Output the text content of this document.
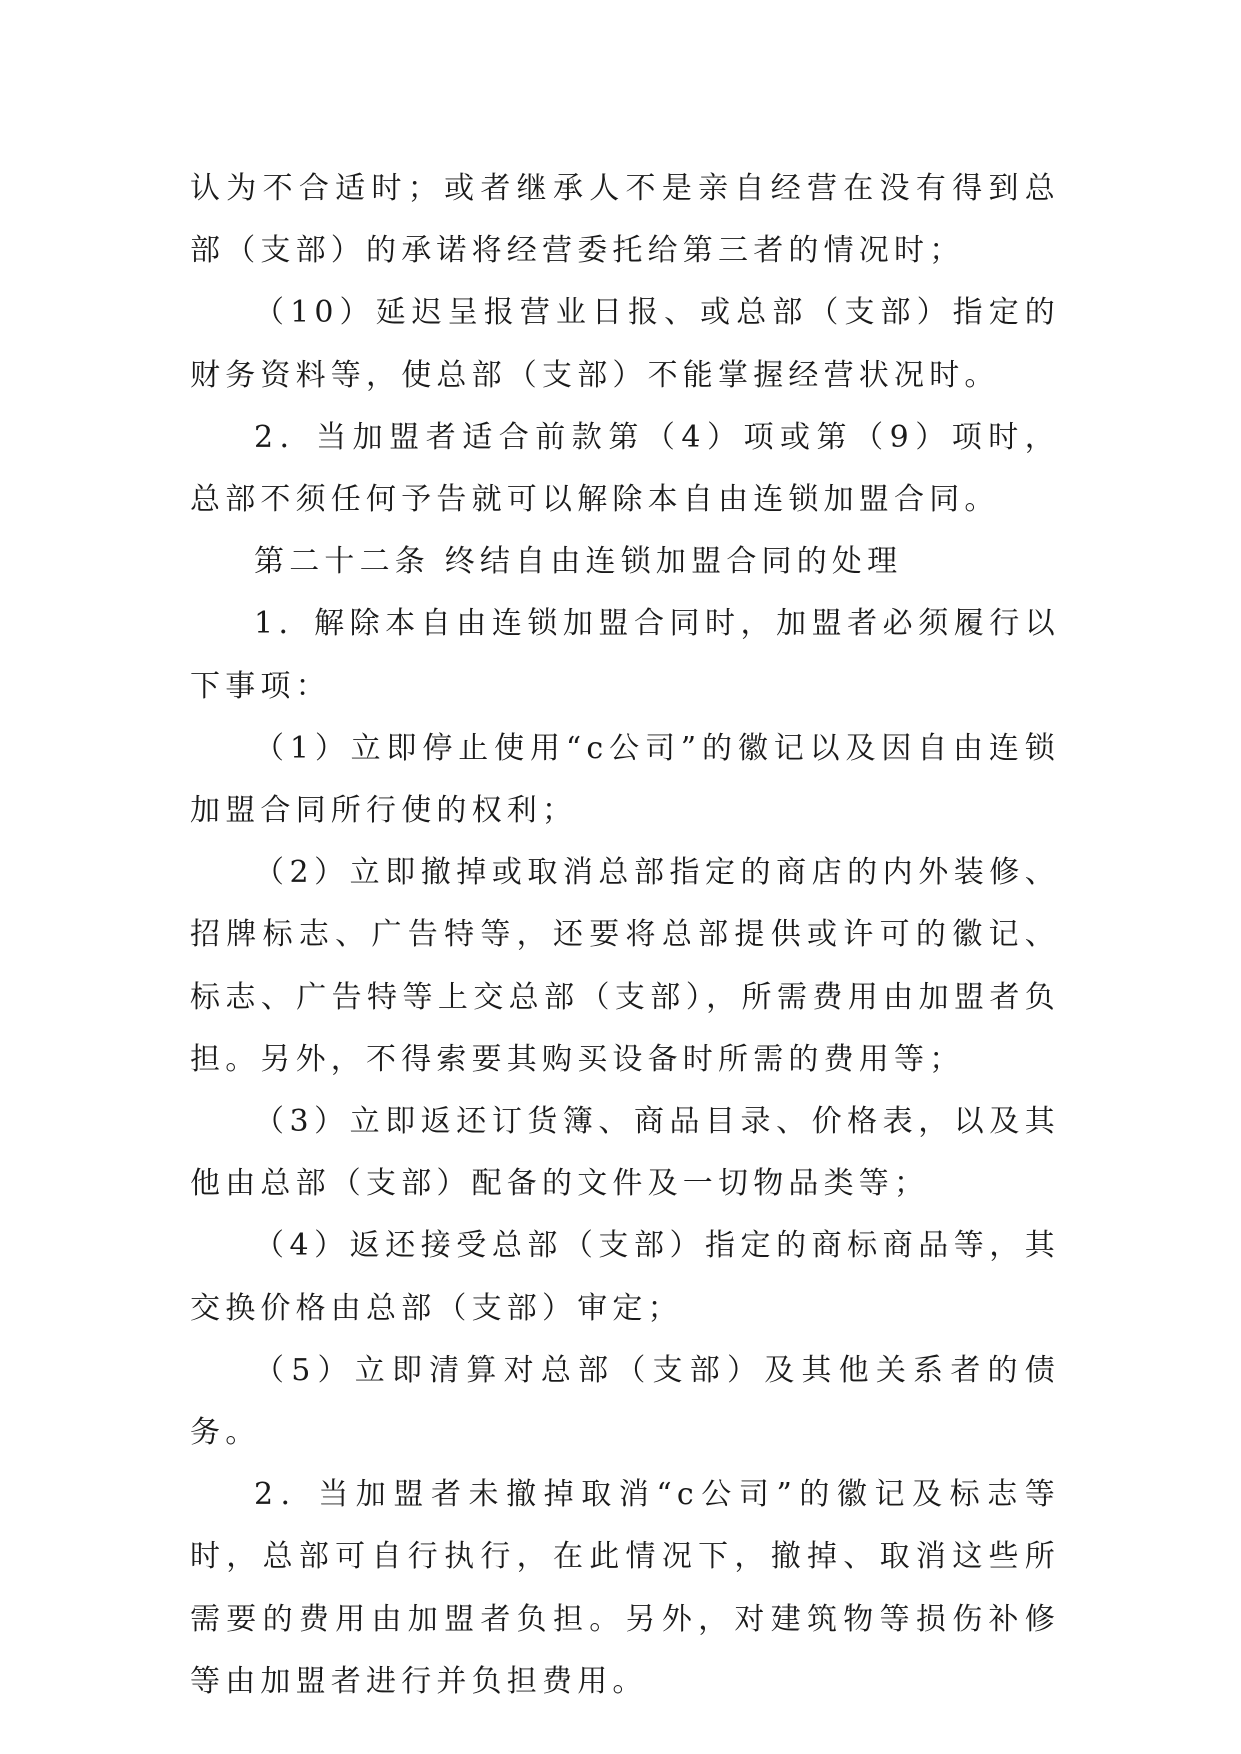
认为不合适时；或者继承人不是亲自经营在没有得到总部（支部）的承诺将经营委托给第三者的情况时；

（10）延迟呈报营业日报、或总部（支部）指定的财务资料等，使总部（支部）不能掌握经营状况时。

2．当加盟者适合前款第（4）项或第（9）项时，总部不须任何予告就可以解除本自由连锁加盟合同。

第二十二条 终结自由连锁加盟合同的处理

1．解除本自由连锁加盟合同时，加盟者必须履行以下事项：

（1）立即停止使用“c公司”的徽记以及因自由连锁加盟合同所行使的权利；

（2）立即撤掉或取消总部指定的商店的内外装修、招牌标志、广告特等，还要将总部提供或许可的徽记、标志、广告特等上交总部（支部），所需费用由加盟者负担。另外，不得索要其购买设备时所需的费用等；

（3）立即返还订货簿、商品目录、价格表，以及其他由总部（支部）配备的文件及一切物品类等；

（4）返还接受总部（支部）指定的商标商品等，其交换价格由总部（支部）审定；

（5）立即清算对总部（支部）及其他关系者的债务。

2．当加盟者未撤掉取消“c公司”的徽记及标志等时，总部可自行执行，在此情况下，撤掉、取消这些所需要的费用由加盟者负担。另外，对建筑物等损伤补修等由加盟者进行并负担费用。
